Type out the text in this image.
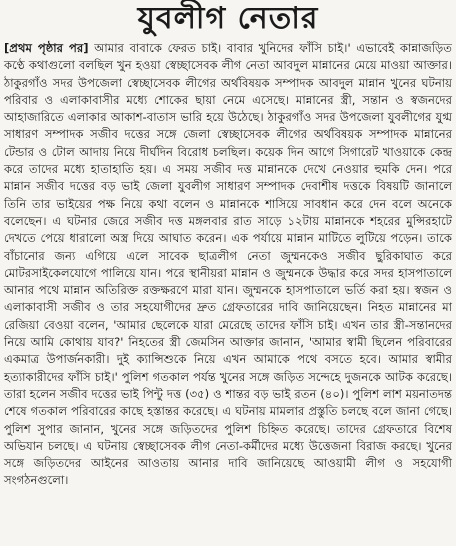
যুবলীগ নেতার

[প্রথম পৃষ্ঠার পর] আমার বাবাকে ফেরত চাই। বাবার খুনিদের ফাঁসি চাই।' এভাবেই কান্নাজড়িত কণ্ঠে কথাগুলো বলছিল খুন হওয়া স্বেচ্ছাসেবক লীগ নেতা আবদুল মান্নানের মেয়ে মাওয়া আক্তার। ঠাকুরগাঁও সদর উপজেলা স্বেচ্ছাসেবক লীগের অর্থবিষয়ক সম্পাদক আবদুল মান্নান খুনের ঘটনায় পরিবার ও এলাকাবাসীর মধ্যে শোকের ছায়া নেমে এসেছে। মান্নানের স্ত্রী, সন্তান ও স্বজনদের আহাজারিতে এলাকার আকাশ-বাতাস ভারি হয়ে উঠেছে। ঠাকুরগাঁও সদর উপজেলা যুবলীগের যুগ্ম সাধারণ সম্পাদক সজীব দত্তের সঙ্গে জেলা স্বেচ্ছাসেবক লীগের অর্থবিষয়ক সম্পাদক মান্নানের টেন্ডার ও টোল আদায় নিয়ে দীর্ঘদিন বিরোধ চলছিল। কয়েক দিন আগে সিগারেট খাওয়াকে কেন্দ্র করে তাদের মধ্যে হাতাহাতি হয়। এ সময় সজীব দত্ত মান্নানকে দেখে নেওয়ার হুমকি দেন। পরে মান্নান সজীব দত্তের বড় ভাই জেলা যুবলীগ সাধারণ সম্পাদক দেবাশীষ দত্তকে বিষয়টি জানালে তিনি তার ভাইয়ের পক্ষ নিয়ে কথা বলেন ও মান্নানকে শাসিয়ে সাবধান করে দেন বলে অনেকে বলেছেন। এ ঘটনার জেরে সজীব দত্ত মঙ্গলবার রাত সাড়ে ১২টায় মান্নানকে শহরের মুন্সিরহাটে দেখতে পেয়ে ধারালো অস্ত্র দিয়ে আঘাত করেন। এক পর্যায়ে মান্নান মাটিতে লুটিয়ে পড়েন। তাকে বাঁচানোর জন্য এগিয়ে এলে সাবেক ছাত্রলীগ নেতা জুম্মনকেও সজীব ছুরিকাঘাত করে মোটরসাইকেলযোগে পালিয়ে যান। পরে স্থানীয়রা মান্নান ও জুম্মনকে উদ্ধার করে সদর হাসপাতালে আনার পথে মান্নান অতিরিক্ত রক্তক্ষরণে মারা যান। জুম্মনকে হাসপাতালে ভর্তি করা হয়। স্বজন ও এলাকাবাসী সজীব ও তার সহযোগীদের দ্রুত গ্রেফতারের দাবি জানিয়েছেন। নিহত মান্নানের মা রেজিয়া বেওয়া বলেন, 'আমার ছেলেকে যারা মেরেছে তাদের ফাঁসি চাই। এখন তার স্ত্রী-সন্তানদের নিয়ে আমি কোথায় যাব?' নিহতের স্ত্রী জেমসিন আক্তার জানান, 'আমার স্বামী ছিলেন পরিবারের একমাত্র উপার্জনকারী। দুই ক্যান্সিশুকে নিয়ে এখন আমাকে পথে বসতে হবে। আমার স্বামীর হত্যাকারীদের ফাঁসি চাই।' পুলিশ গতকাল পর্যন্ত খুনের সঙ্গে জড়িত সন্দেহে দুজনকে আটক করেছে। তারা হলেন সজীব দত্তের ভাই পিন্টু দত্ত (৩৫) ও শান্তর বড় ভাই রতন (৪০)। পুলিশ লাশ ময়নাতদন্ত শেষে গতকাল পরিবারের কাছে হস্তান্তর করেছে। এ ঘটনায় মামলার প্রস্তুতি চলছে বলে জানা গেছে। পুলিশ সুপার জানান, খুনের সঙ্গে জড়িতদের পুলিশ চিহ্নিত করেছে। তাদের গ্রেফতারে বিশেষ অভিযান চলছে। এ ঘটনায় স্বেচ্ছাসেবক লীগ নেতা-কর্মীদের মধ্যে উত্তেজনা বিরাজ করছে। খুনের সঙ্গে জড়িতদের আইনের আওতায় আনার দাবি জানিয়েছে আওয়ামী লীগ ও সহযোগী সংগঠনগুলো।
